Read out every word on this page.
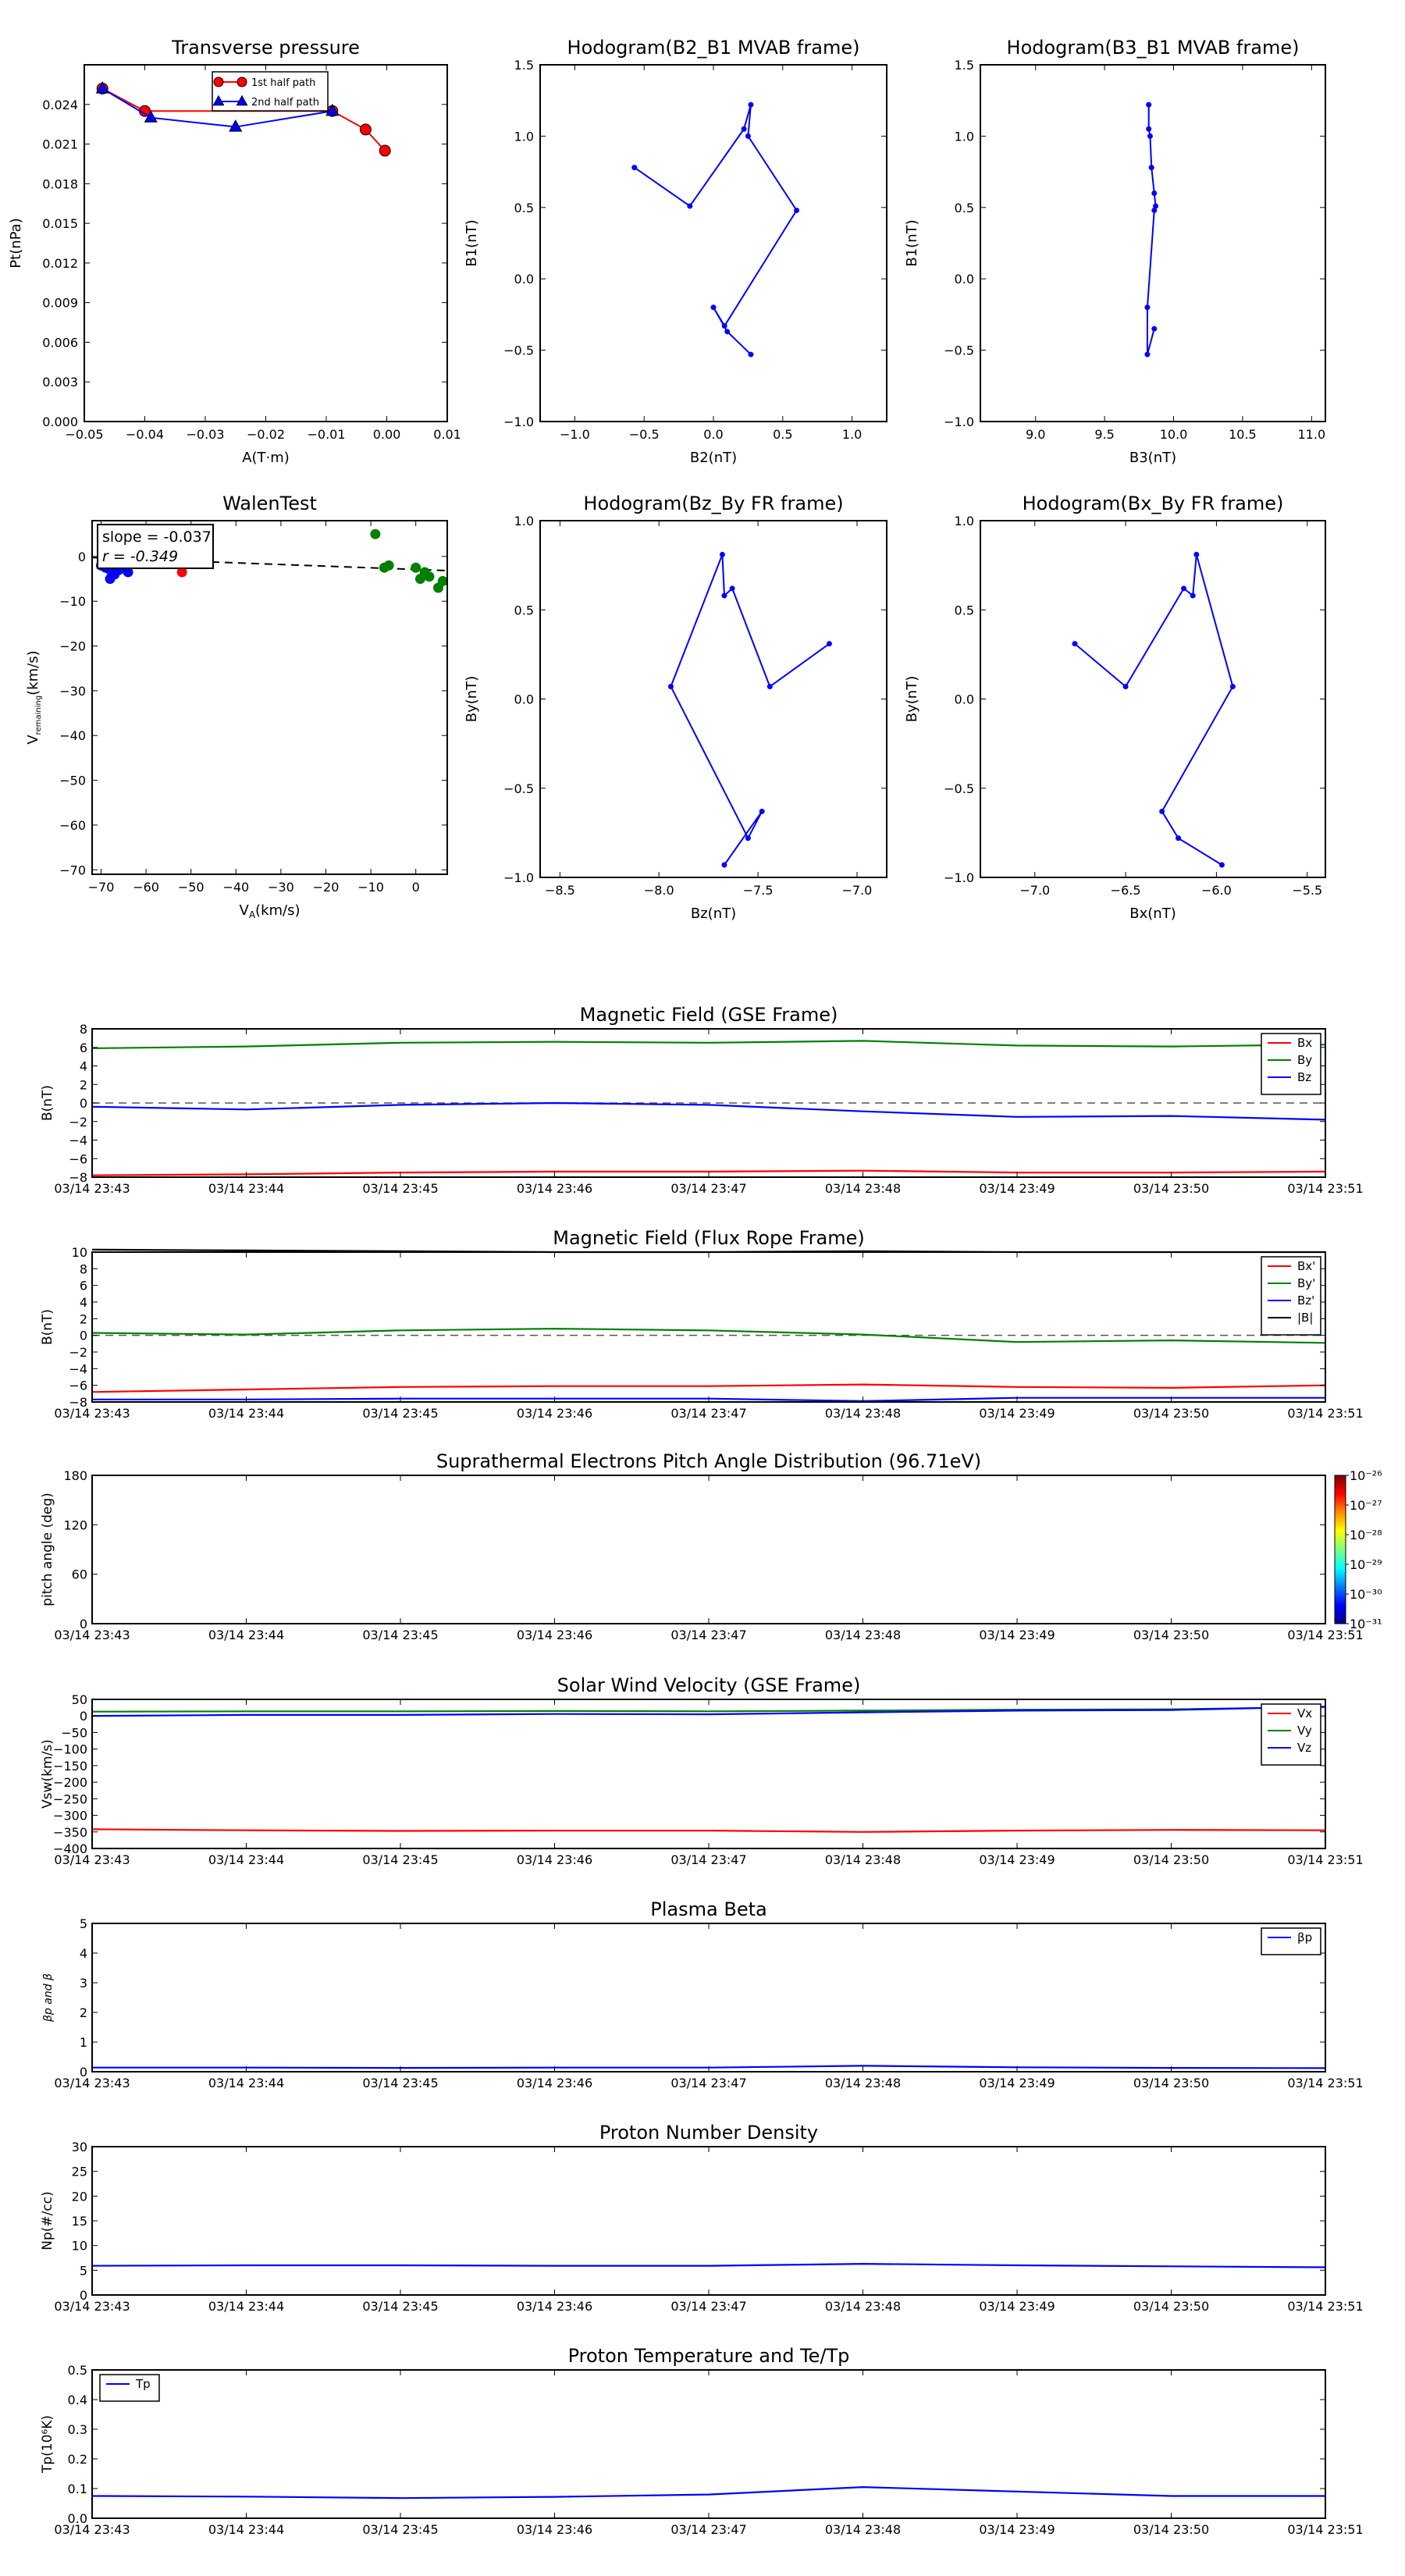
Transverse pressure
−0.05 −0.04 −0.03 −0.02 −0.01 0.00	0.01
0.000
0.003
0.006
0.009
0.012
0.015
0.018
0.021
0.024
A(T·m)
Pt(nPa)
1st half path
2nd half path
Hodogram(B2_B1 MVAB frame)
−1.0	−0.5	0.0	0.5	1.0
−1.0
−0.5
0.0
0.5
1.0
1.5
B2(nT)
B1(nT)
Hodogram(B3_B1 MVAB frame)
9.0	9.5	10.0	10.5	11.0
−1.0
−0.5
0.0
0.5
1.0
1.5
B3(nT)
B1(nT)
WalenTest
−70 −60 −50 −40 −30 −20 −10 0
−70
−60
−50
−40
−30
−20
−10
0
$V_A(km/s)$
$V_{remaining}(km/s)$
slope = -0.037
r = -0.349
Hodogram(Bz_By FR frame)
−8.5	−8.0	−7.5	−7.0
−1.0
−0.5
0.0
0.5
1.0
Bz(nT)
By(nT)
Hodogram(Bx_By FR frame)
−7.0	−6.5	−6.0	−5.5
−1.0
−0.5
0.0
0.5
1.0
Bx(nT)
By(nT)
Magnetic Field (GSE Frame)
03/14 23:43	03/14 23:44	03/14 23:45	03/14 23:46	03/14 23:47	03/14 23:48	03/14 23:49	03/14 23:50	03/14 23:51
8
6
4
2
0
−2
−4
−6
−8
B(nT)
Bx
By
Bz
Magnetic Field (Flux Rope Frame)
03/14 23:43	03/14 23:44	03/14 23:45	03/14 23:46	03/14 23:47	03/14 23:48	03/14 23:49	03/14 23:50	03/14 23:51
10
8
6
4
2
0
−2
−4
−6
−8
B(nT)
Bx'
By'
Bz'
|B|
Suprathermal Electrons Pitch Angle Distribution (96.71eV)
10⁻²⁶
10⁻²⁷
10⁻²⁸
10⁻²⁹
10⁻³⁰
10⁻³¹
03/14 23:43	03/14 23:44	03/14 23:45	03/14 23:46	03/14 23:47	03/14 23:48	03/14 23:49	03/14 23:50	03/14 23:51
180
120
60
0
pitch angle (deg)
Solar Wind Velocity (GSE Frame)
03/14 23:43	03/14 23:44	03/14 23:45	03/14 23:46	03/14 23:47	03/14 23:48	03/14 23:49	03/14 23:50	03/14 23:51
50
0
−50
−100
−150
−200
−250
−300
−350
−400
Vsw(km/s)
Vx
Vy
Vz
Plasma Beta
03/14 23:43	03/14 23:44	03/14 23:45	03/14 23:46	03/14 23:47	03/14 23:48	03/14 23:49	03/14 23:50	03/14 23:51
5
4
3
2
1
0
βp and β
βp
Proton Number Density
03/14 23:43	03/14 23:44	03/14 23:45	03/14 23:46	03/14 23:47	03/14 23:48	03/14 23:49	03/14 23:50	03/14 23:51
30
25
20
15
10
5
0
Np(#/cc)
Proton Temperature and Te/Tp
03/14 23:43	03/14 23:44	03/14 23:45	03/14 23:46	03/14 23:47	03/14 23:48	03/14 23:49	03/14 23:50	03/14 23:51
0.5
0.4
0.3
0.2
0.1
0.0
Tp(10⁶K)
Tp
